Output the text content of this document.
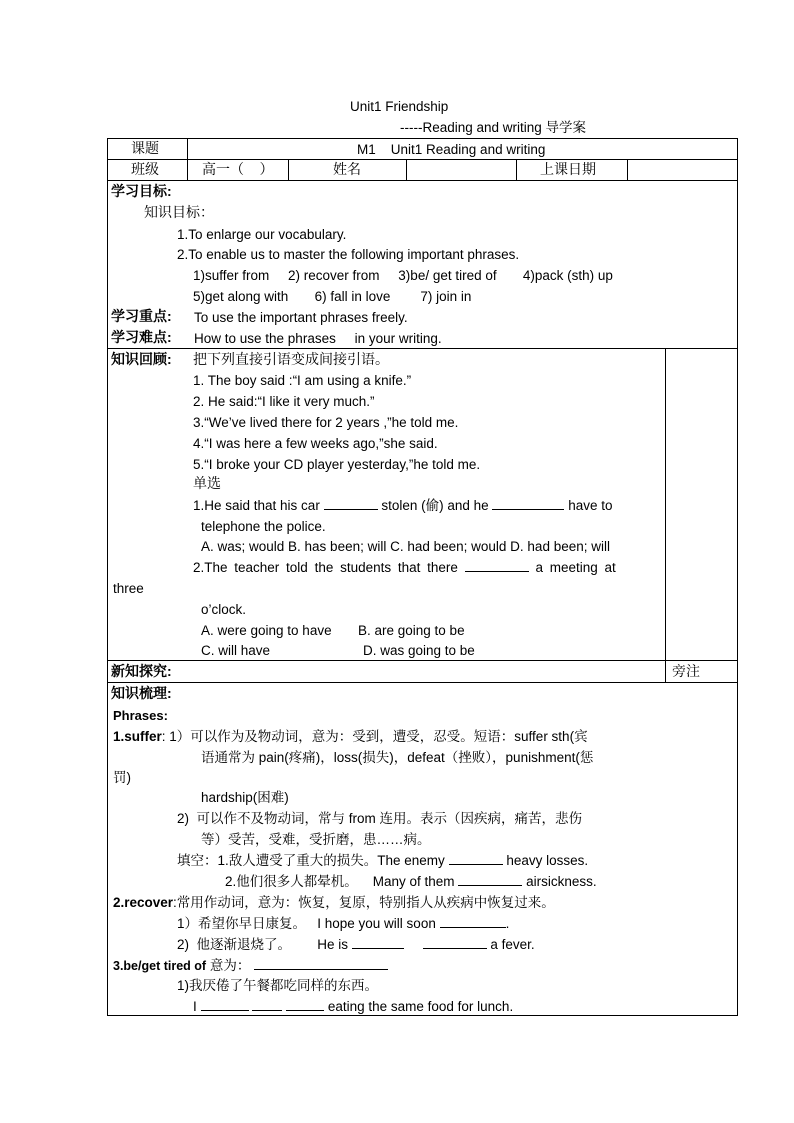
Unit1 Friendship
-----Reading and writing 导学案
课题	M1    Unit1 Reading and writing
班级	高一（    ）	姓名	上课日期
学习目标:
知识目标：
1.To enlarge our vocabulary.
2.To enable us to master the following important phrases.
1)suffer from     2) recover from     3)be/ get tired of       4)pack (sth) up
5)get along with       6) fall in love        7) join in
学习重点: To use the important phrases freely.
学习难点: How to use the phrases     in your writing.
知识回顾: 把下列直接引语变成间接引语。
1. The boy said :“I am using a knife.”
2. He said:“I like it very much.”
3.“We’ve lived there for 2 years ,”he told me.
4.“I was here a few weeks ago,”she said.
5.“I broke your CD player yesterday,”he told me.
单选
1.He said that his car	stolen (偷) and he	have to
telephone the police.
A. was; would B. has been; will C. had been; would D. had been; will
2.The teacher told the students that there	a meeting at
three
o’clock.
A. were going to have B. are going to be
C. will have	D. was going to be
新知探究:	旁注
知识梳理:
Phrases:
1.suffer: 1）可以作为及物动词，意为：受到，遭受，忍受。短语：suffer sth(宾
语通常为 pain(疼痛)，loss(损失)，defeat（挫败），punishment(惩
罚)
hardship(困难)
2)  可以作不及物动词，常与 from 连用。表示（因疾病，痛苦，悲伤
等）受苦，受难，受折磨，患……病。
填空：1.敌人遭受了重大的损失。The enemy	heavy losses.
2.他们很多人都晕机。    Many of them	airsickness.
2.recover:常用作动词，意为：恢复，复原，特别指人从疾病中恢复过来。
1）希望你早日康复。   I hope you will soon	.
2)  他逐渐退烧了。       He is	a fever.
3.be/get tired of 意为：
1)我厌倦了午餐都吃同样的东西。
I	eating the same food for lunch.
